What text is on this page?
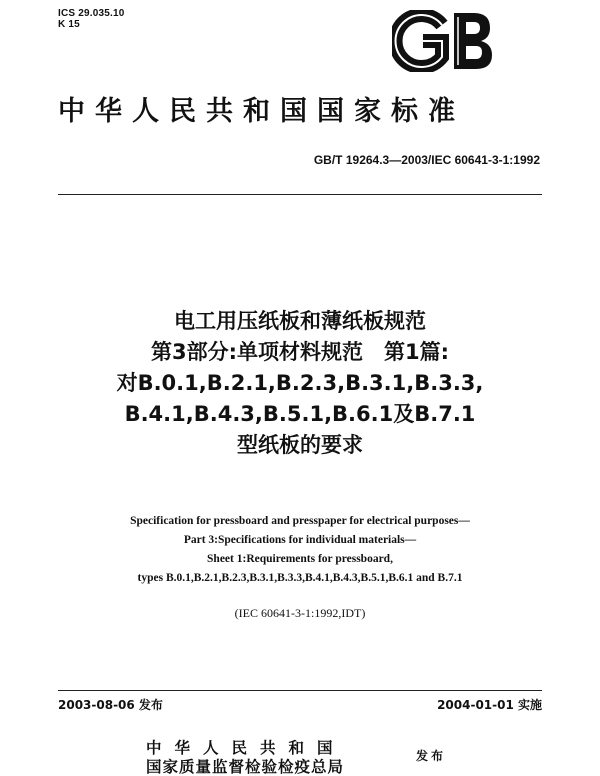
ICS 29.035.10
K 15
中华人民共和国国家标准
GB/T 19264.3—2003/IEC 60641-3-1:1992
电工用压纸板和薄纸板规范
第3部分:单项材料规范　第1篇:
对B.0.1,B.2.1,B.2.3,B.3.1,B.3.3,
B.4.1,B.4.3,B.5.1,B.6.1及B.7.1
型纸板的要求
Specification for pressboard and presspaper for electrical purposes—
Part 3:Specifications for individual materials—
Sheet 1:Requirements for pressboard,
types B.0.1,B.2.1,B.2.3,B.3.1,B.3.3,B.4.1,B.4.3,B.5.1,B.6.1 and B.7.1
(IEC 60641-3-1:1992,IDT)
2003-08-06 发布	2004-01-01 实施
中华人民共和国
国家质量监督检验检疫总局
发布
